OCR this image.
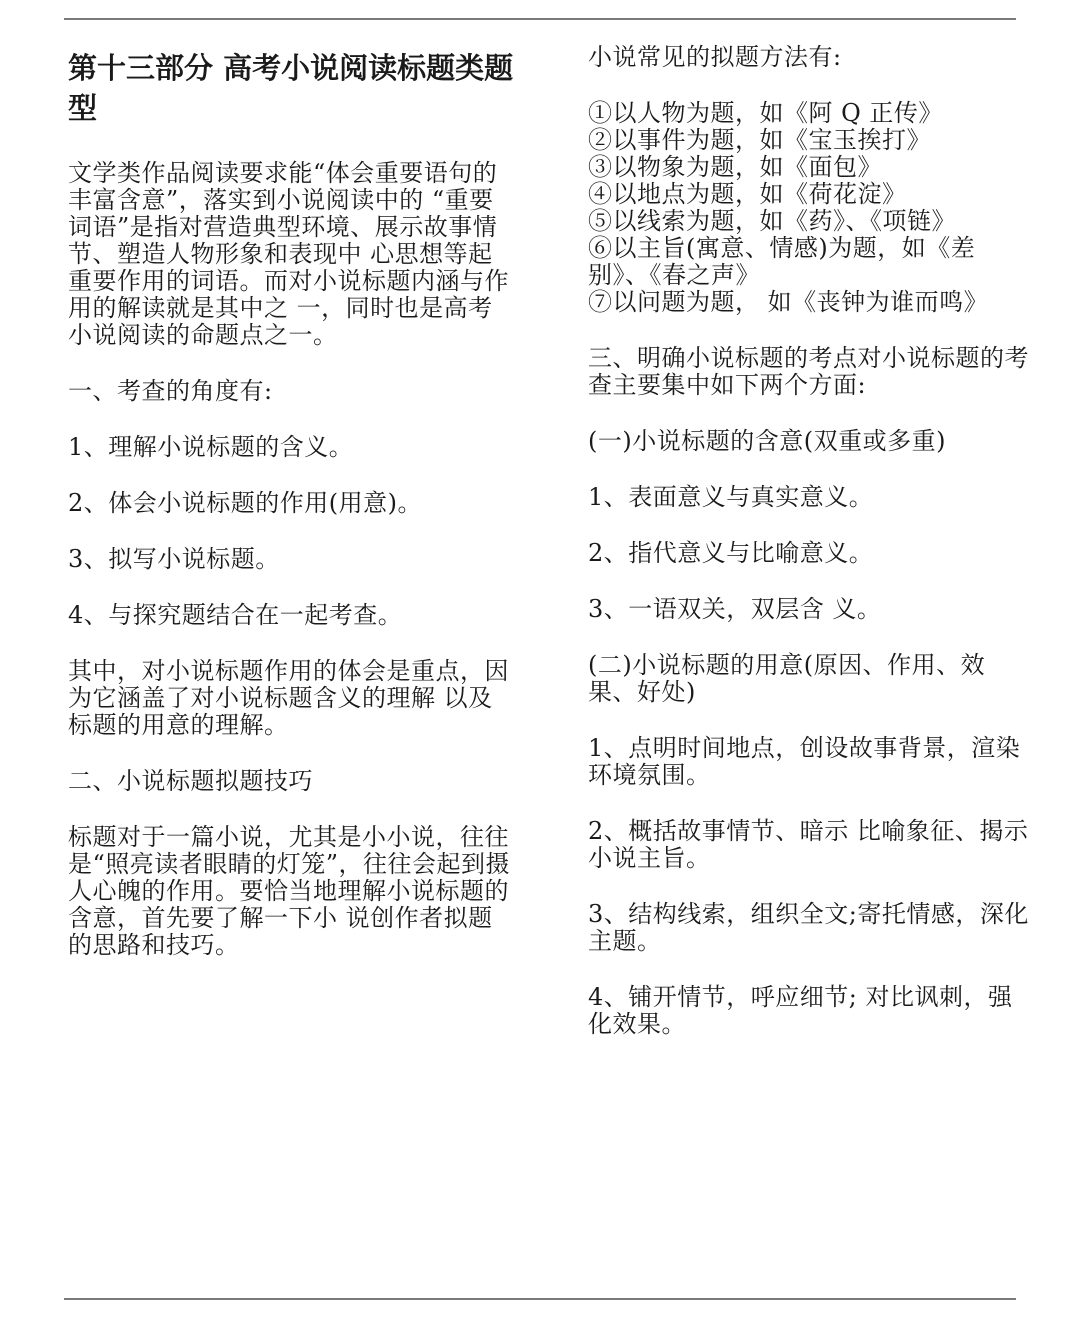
第十三部分 高考小说阅读标题类题型

文学类作品阅读要求能“体会重要语句的丰富含意”，落实到小说阅读中的 “重要词语”是指对营造典型环境、展示故事情节、塑造人物形象和表现中 心思想等起重要作用的词语。而对小说标题内涵与作用的解读就是其中之 一，同时也是高考小说阅读的命题点之一。

一、考查的角度有:

1、理解小说标题的含义。

2、体会小说标题的作用(用意)。

3、拟写小说标题。

4、与探究题结合在一起考查。

其中，对小说标题作用的体会是重点，因为它涵盖了对小说标题含义的理解 以及标题的用意的理解。

二、小说标题拟题技巧

标题对于一篇小说，尤其是小小说，往往是“照亮读者眼睛的灯笼”，往往会起到摄人心魄的作用。要恰当地理解小说标题的含意，首先要了解一下小 说创作者拟题的思路和技巧。

小说常见的拟题方法有:

①以人物为题，如《阿 Q 正传》

②以事件为题，如《宝玉挨打》

③以物象为题，如《面包》

④以地点为题，如《荷花淀》

⑤以线索为题，如《药》、《项链》

⑥以主旨(寓意、情感)为题，如《差别》、《春之声》

⑦以问题为题， 如《丧钟为谁而鸣》

三、明确小说标题的考点对小说标题的考查主要集中如下两个方面:

(一)小说标题的含意(双重或多重)

1、表面意义与真实意义。

2、指代意义与比喻意义。

3、一语双关，双层含 义。

(二)小说标题的用意(原因、作用、效果、好处)

1、点明时间地点，创设故事背景，渲染环境氛围。

2、概括故事情节、暗示 比喻象征、揭示小说主旨。

3、结构线索，组织全文;寄托情感，深化主题。

4、铺开情节，呼应细节; 对比讽刺，强化效果。
